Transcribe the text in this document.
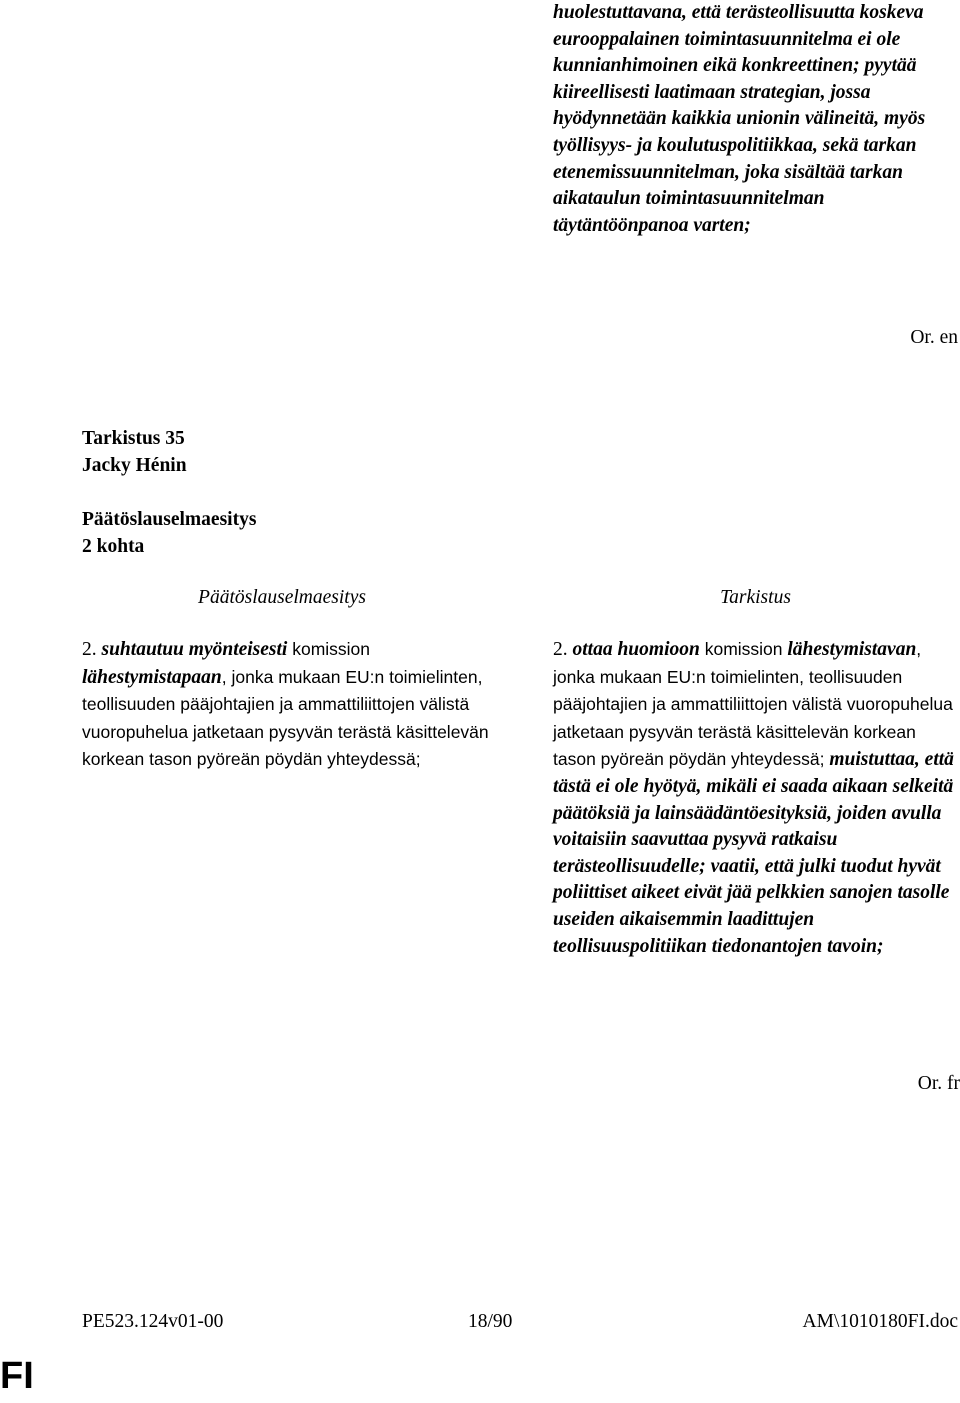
huolestuttavana, että terästeollisuutta koskeva eurooppalainen toimintasuunnitelma ei ole kunnianhimoinen eikä konkreettinen; pyytää kiireellisesti laatimaan strategian, jossa hyödynnetään kaikkia unionin välineitä, myös työllisyys- ja koulutuspolitiikkaa, sekä tarkan etenemissuunnitelman, joka sisältää tarkan aikataulun toimintasuunnitelman täytäntöönpanoa varten;
Or. en
Tarkistus 35
Jacky Hénin
Päätöslauselmaesitys
2 kohta
Päätöslauselmaesitys	Tarkistus
2. suhtautuu myönteisesti komission lähestymistapaan, jonka mukaan EU:n toimielinten, teollisuuden pääjohtajien ja ammattiliittojen välistä vuoropuhelua jatketaan pysyvän terästä käsittelevän korkean tason pyöreän pöydän yhteydessä;
2. ottaa huomioon komission lähestymistavan, jonka mukaan EU:n toimielinten, teollisuuden pääjohtajien ja ammattiliittojen välistä vuoropuhelua jatketaan pysyvän terästä käsittelevän korkean tason pyöreän pöydän yhteydessä; muistuttaa, että tästä ei ole hyötyä, mikäli ei saada aikaan selkeitä päätöksiä ja lainsäädäntöesityksiä, joiden avulla voitaisiin saavuttaa pysyvä ratkaisu terästeollisuudelle; vaatii, että julki tuodut hyvät poliittiset aikeet eivät jää pelkkien sanojen tasolle useiden aikaisemmin laadittujen teollisuuspolitiikan tiedonantojen tavoin;
Or. fr
PE523.124v01-00	18/90	AM\1010180FI.doc
FI
